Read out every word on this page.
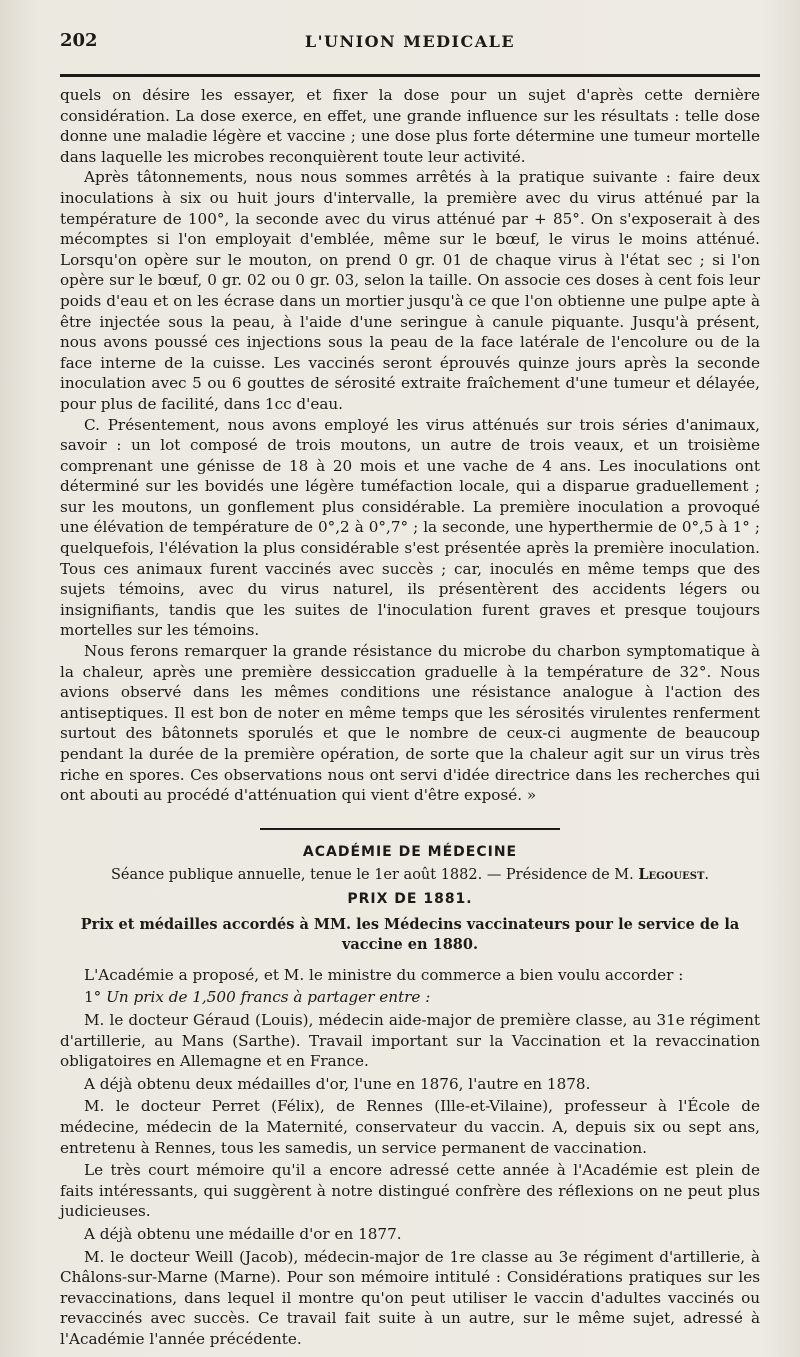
202	L'UNION MEDICALE

quels on désire les essayer, et fixer la dose pour un sujet d'après cette dernière considération. La dose exerce, en effet, une grande influence sur les résultats : telle dose donne une maladie légère et vaccine ; une dose plus forte détermine une tumeur mortelle dans laquelle les microbes reconquièrent toute leur activité.

Après tâtonnements, nous nous sommes arrêtés à la pratique suivante : faire deux inoculations à six ou huit jours d'intervalle, la première avec du virus atténué par la température de 100°, la seconde avec du virus atténué par + 85°. On s'exposerait à des mécomptes si l'on employait d'emblée, même sur le bœuf, le virus le moins atténué. Lorsqu'on opère sur le mouton, on prend 0 gr. 01 de chaque virus à l'état sec ; si l'on opère sur le bœuf, 0 gr. 02 ou 0 gr. 03, selon la taille. On associe ces doses à cent fois leur poids d'eau et on les écrase dans un mortier jusqu'à ce que l'on obtienne une pulpe apte à être injectée sous la peau, à l'aide d'une seringue à canule piquante. Jusqu'à présent, nous avons poussé ces injections sous la peau de la face latérale de l'encolure ou de la face interne de la cuisse. Les vaccinés seront éprouvés quinze jours après la seconde inoculation avec 5 ou 6 gouttes de sérosité extraite fraîchement d'une tumeur et délayée, pour plus de facilité, dans 1cc d'eau.

C. Présentement, nous avons employé les virus atténués sur trois séries d'animaux, savoir : un lot composé de trois moutons, un autre de trois veaux, et un troisième comprenant une génisse de 18 à 20 mois et une vache de 4 ans. Les inoculations ont déterminé sur les bovidés une légère tuméfaction locale, qui a disparue graduellement ; sur les moutons, un gonflement plus considérable. La première inoculation a provoqué une élévation de température de 0°,2 à 0°,7° ; la seconde, une hyperthermie de 0°,5 à 1° ; quelquefois, l'élévation la plus considérable s'est présentée après la première inoculation. Tous ces animaux furent vaccinés avec succès ; car, inoculés en même temps que des sujets témoins, avec du virus naturel, ils présentèrent des accidents légers ou insignifiants, tandis que les suites de l'inoculation furent graves et presque toujours mortelles sur les témoins.

Nous ferons remarquer la grande résistance du microbe du charbon symptomatique à la chaleur, après une première dessiccation graduelle à la température de 32°. Nous avions observé dans les mêmes conditions une résistance analogue à l'action des antiseptiques. Il est bon de noter en même temps que les sérosités virulentes renferment surtout des bâtonnets sporulés et que le nombre de ceux-ci augmente de beaucoup pendant la durée de la première opération, de sorte que la chaleur agit sur un virus très riche en spores. Ces observations nous ont servi d'idée directrice dans les recherches qui ont abouti au procédé d'atténuation qui vient d'être exposé. »

ACADÉMIE DE MÉDECINE
Séance publique annuelle, tenue le 1er août 1882. — Présidence de M. Legouest.
PRIX DE 1881.
Prix et médailles accordés à MM. les Médecins vaccinateurs pour le service de la vaccine en 1880.

L'Académie a proposé, et M. le ministre du commerce a bien voulu accorder :

1° Un prix de 1,500 francs à partager entre :

M. le docteur Géraud (Louis), médecin aide-major de première classe, au 31e régiment d'artillerie, au Mans (Sarthe). Travail important sur la Vaccination et la revaccination obligatoires en Allemagne et en France.

A déjà obtenu deux médailles d'or, l'une en 1876, l'autre en 1878.

M. le docteur Perret (Félix), de Rennes (Ille-et-Vilaine), professeur à l'École de médecine, médecin de la Maternité, conservateur du vaccin. A, depuis six ou sept ans, entretenu à Rennes, tous les samedis, un service permanent de vaccination.

Le très court mémoire qu'il a encore adressé cette année à l'Académie est plein de faits intéressants, qui suggèrent à notre distingué confrère des réflexions on ne peut plus judicieuses.

A déjà obtenu une médaille d'or en 1877.

M. le docteur Weill (Jacob), médecin-major de 1re classe au 3e régiment d'artillerie, à Châlons-sur-Marne (Marne). Pour son mémoire intitulé : Considérations pratiques sur les revaccinations, dans lequel il montre qu'on peut utiliser le vaccin d'adultes vaccinés ou revaccinés avec succès. Ce travail fait suite à un autre, sur le même sujet, adressé à l'Académie l'année précédente.
